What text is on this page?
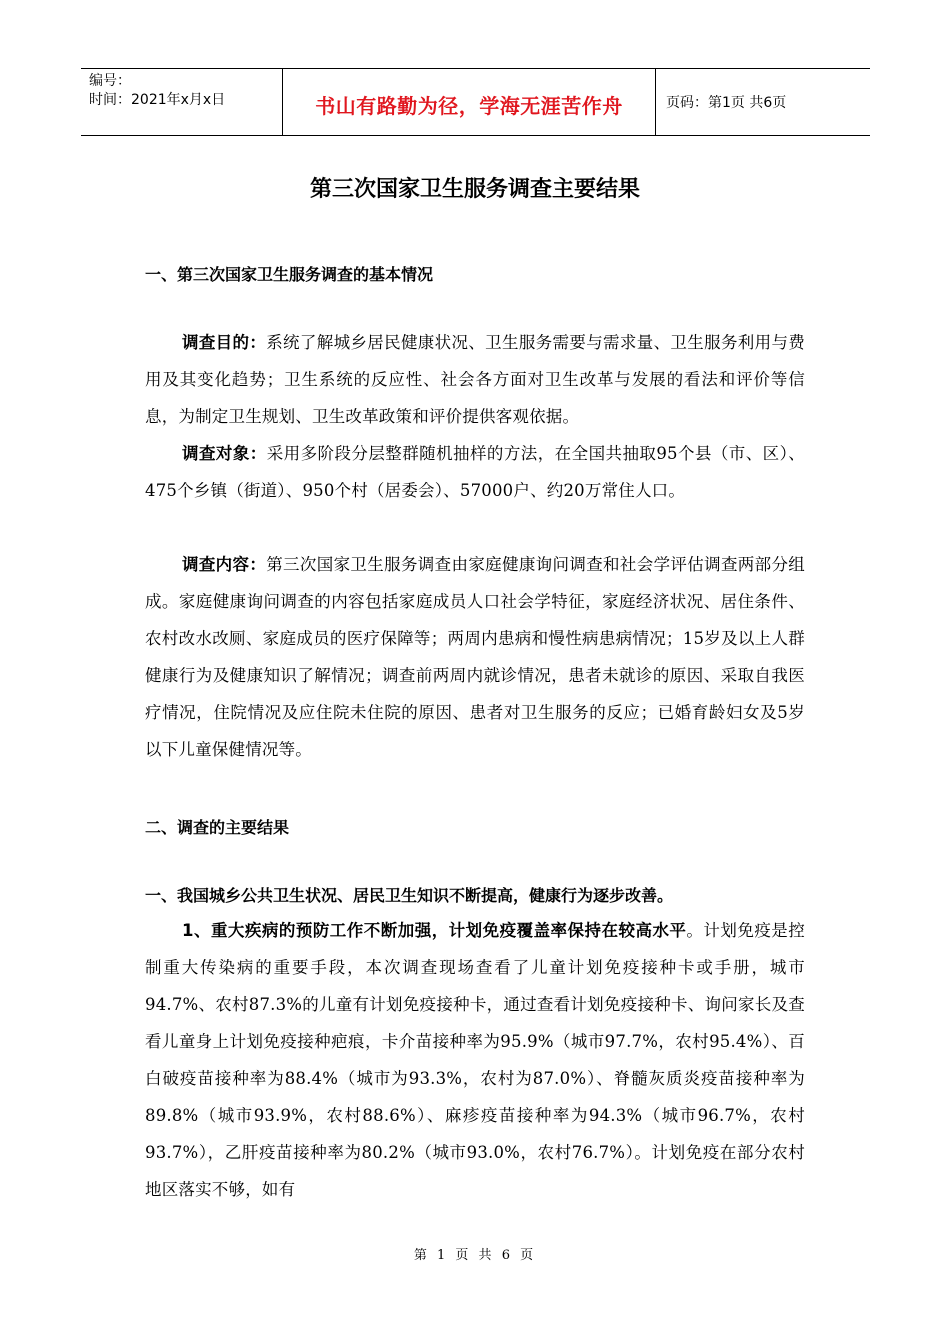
编号：
时间：2021年x月x日	书山有路勤为径，学海无涯苦作舟	页码：第1页 共6页
第三次国家卫生服务调查主要结果
一、第三次国家卫生服务调查的基本情况
调查目的：系统了解城乡居民健康状况、卫生服务需要与需求量、卫生服务利用与费用及其变化趋势；卫生系统的反应性、社会各方面对卫生改革与发展的看法和评价等信息，为制定卫生规划、卫生改革政策和评价提供客观依据。
调查对象：采用多阶段分层整群随机抽样的方法，在全国共抽取95个县（市、区）、475个乡镇（街道）、950个村（居委会）、57000户、约20万常住人口。
调查内容：第三次国家卫生服务调查由家庭健康询问调查和社会学评估调查两部分组成。家庭健康询问调查的内容包括家庭成员人口社会学特征，家庭经济状况、居住条件、农村改水改厕、家庭成员的医疗保障等；两周内患病和慢性病患病情况；15岁及以上人群健康行为及健康知识了解情况；调查前两周内就诊情况，患者未就诊的原因、采取自我医疗情况，住院情况及应住院未住院的原因、患者对卫生服务的反应；已婚育龄妇女及5岁以下儿童保健情况等。
二、调查的主要结果
一、我国城乡公共卫生状况、居民卫生知识不断提高，健康行为逐步改善。
1、重大疾病的预防工作不断加强，计划免疫覆盖率保持在较高水平。计划免疫是控制重大传染病的重要手段，本次调查现场查看了儿童计划免疫接种卡或手册，城市94.7%、农村87.3%的儿童有计划免疫接种卡，通过查看计划免疫接种卡、询问家长及查看儿童身上计划免疫接种疤痕，卡介苗接种率为95.9%（城市97.7%，农村95.4%）、百白破疫苗接种率为88.4%（城市为93.3%，农村为87.0%）、脊髓灰质炎疫苗接种率为89.8%（城市93.9%，农村88.6%）、麻疹疫苗接种率为94.3%（城市96.7%，农村93.7%），乙肝疫苗接种率为80.2%（城市93.0%，农村76.7%）。计划免疫在部分农村地区落实不够，如有
第 1 页 共 6 页
